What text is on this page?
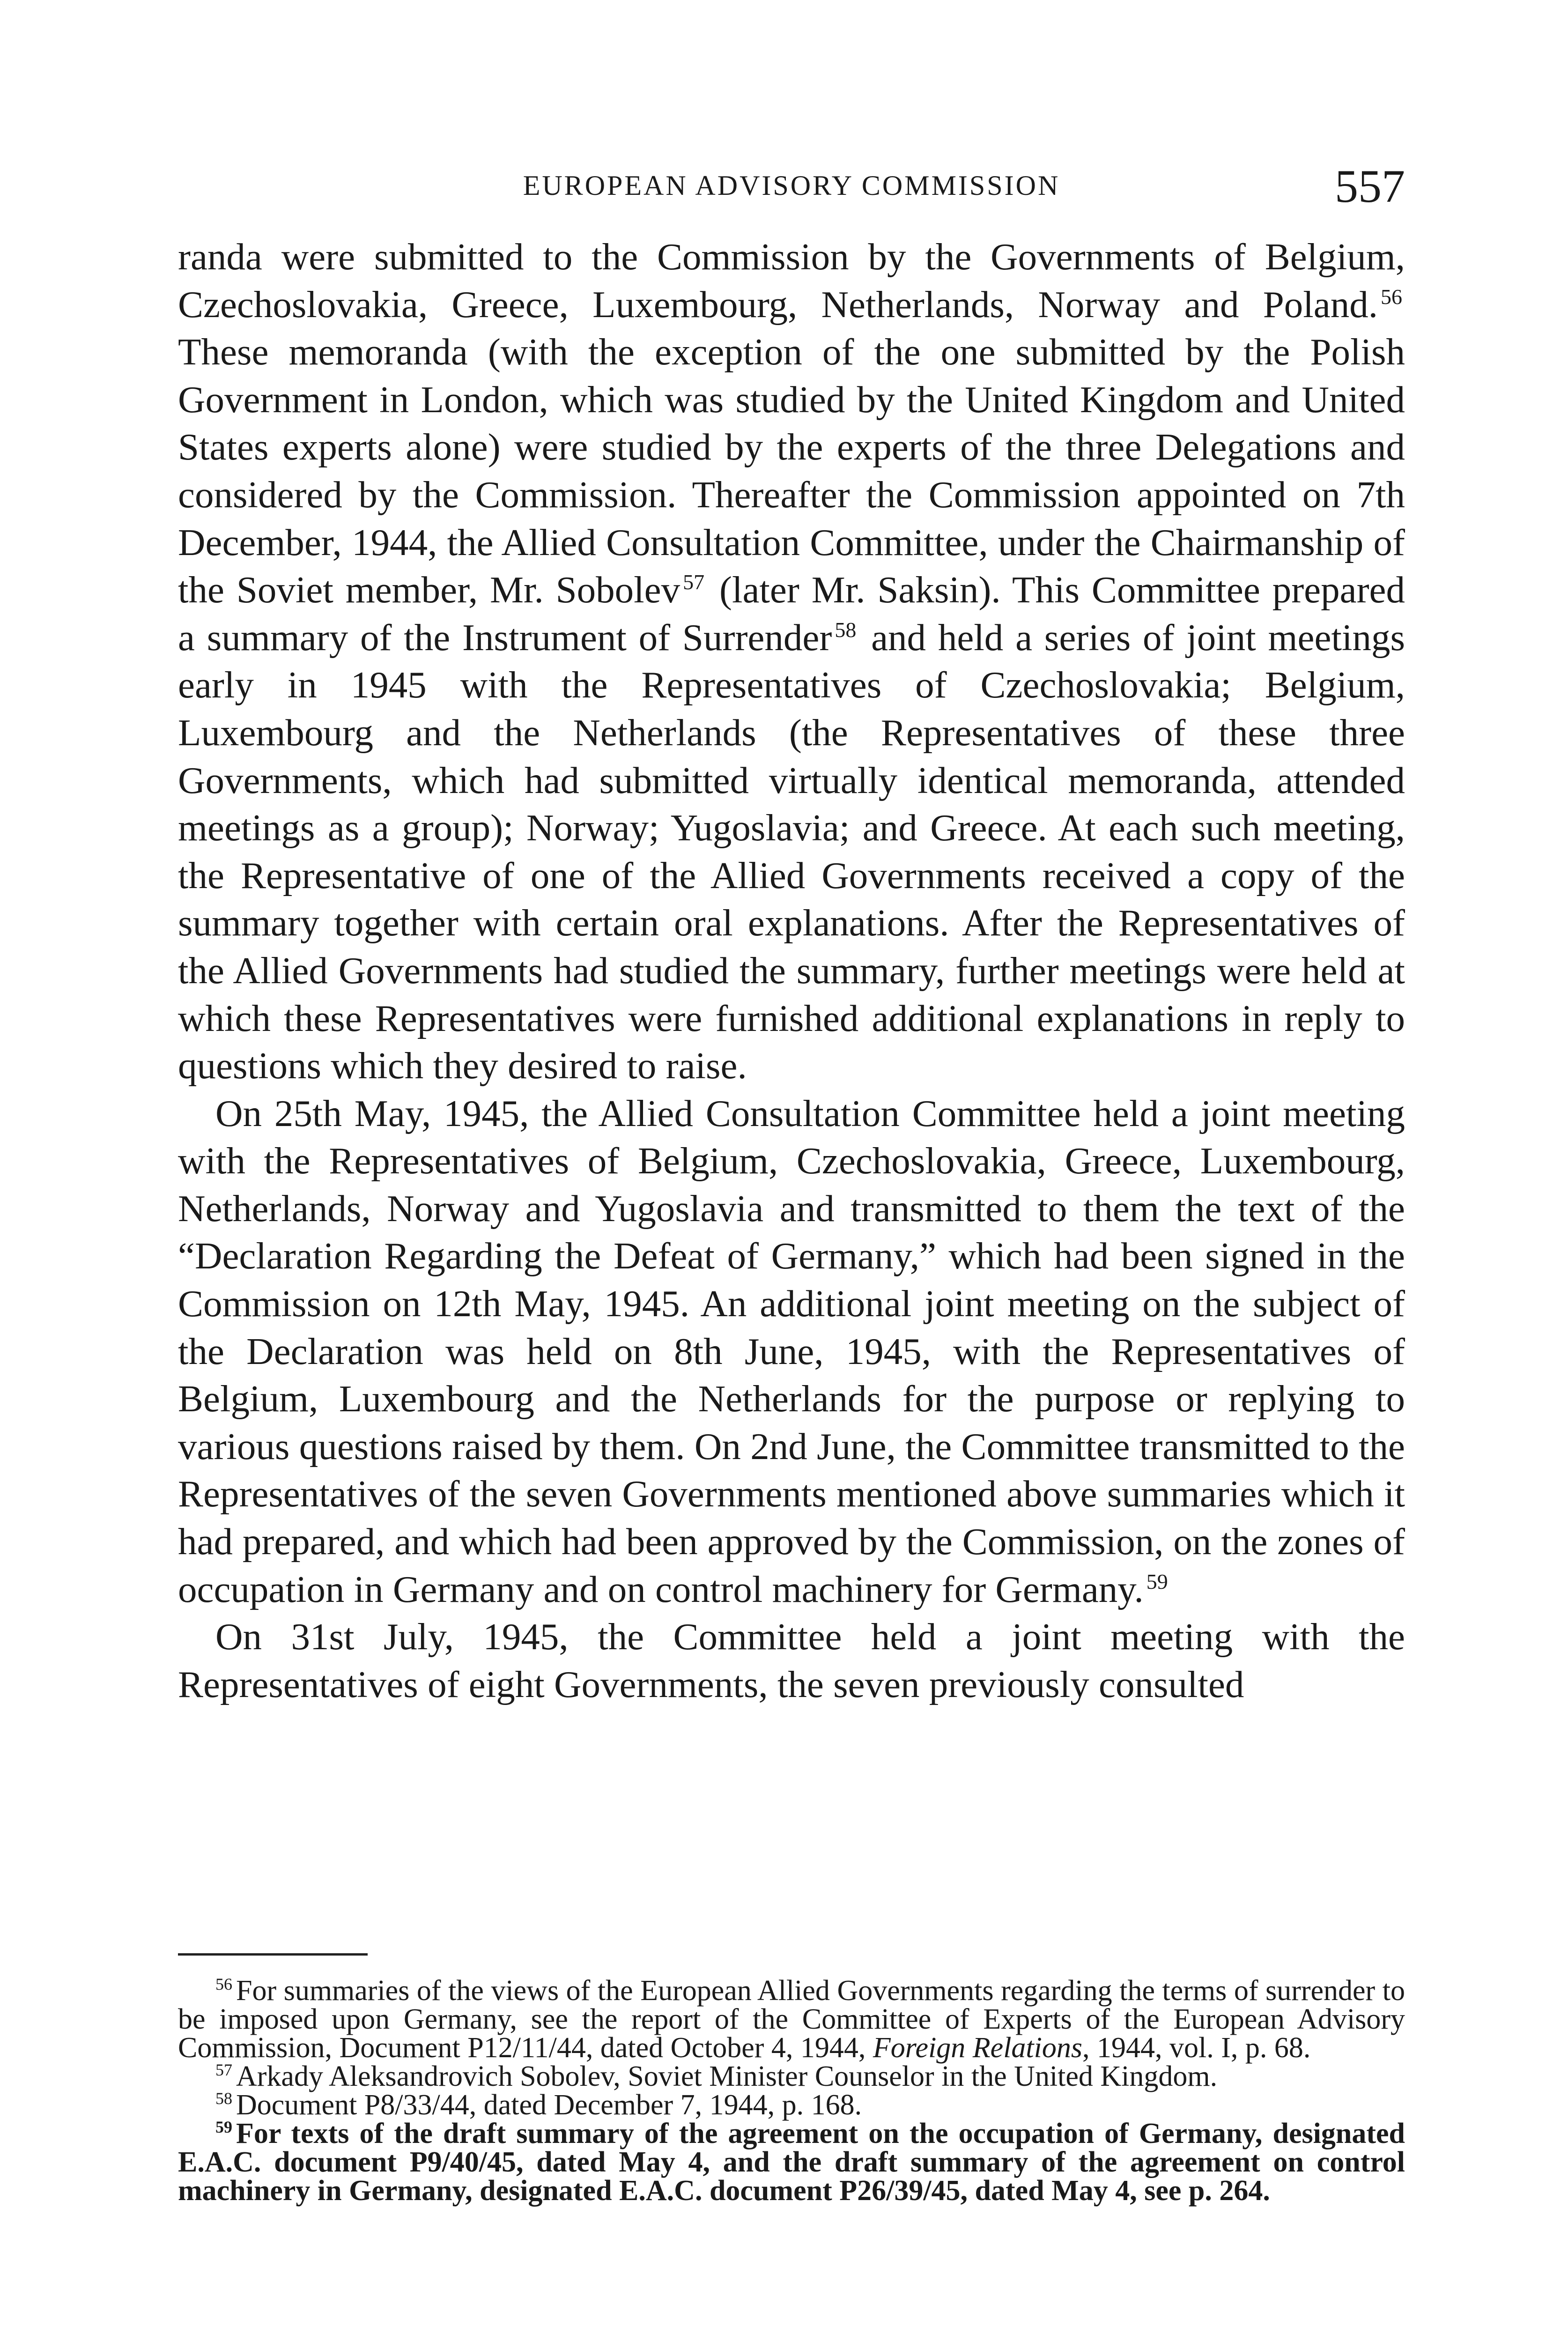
EUROPEAN ADVISORY COMMISSION	557

randa were submitted to the Commission by the Governments of Belgium, Czechoslovakia, Greece, Luxembourg, Netherlands, Norway and Poland. $^{56}$ These memoranda (with the exception of the one submitted by the Polish Government in London, which was studied by the United Kingdom and United States experts alone) were studied by the experts of the three Delegations and considered by the Commission. Thereafter the Commission appointed on 7th December, 1944, the Allied Consultation Committee, under the Chairmanship of the Soviet member, Mr. Sobolev $^{57}$ (later Mr. Saksin). This Committee prepared a summary of the Instrument of Surrender $^{58}$ and held a series of joint meetings early in 1945 with the Representatives of Czechoslovakia; Belgium, Luxembourg and the Netherlands (the Representatives of these three Governments, which had submitted virtually identical memoranda, attended meetings as a group); Norway; Yugoslavia; and Greece. At each such meeting, the Representative of one of the Allied Governments received a copy of the summary together with certain oral explanations. After the Representatives of the Allied Governments had studied the summary, further meetings were held at which these Representatives were furnished additional explanations in reply to questions which they desired to raise.

On 25th May, 1945, the Allied Consultation Committee held a joint meeting with the Representatives of Belgium, Czechoslovakia, Greece, Luxembourg, Netherlands, Norway and Yugoslavia and transmitted to them the text of the “Declaration Regarding the Defeat of Germany,” which had been signed in the Commission on 12th May, 1945. An additional joint meeting on the subject of the Declaration was held on 8th June, 1945, with the Representatives of Belgium, Luxembourg and the Netherlands for the purpose or replying to various questions raised by them. On 2nd June, the Committee transmitted to the Representatives of the seven Governments mentioned above summaries which it had prepared, and which had been approved by the Commission, on the zones of occupation in Germany and on control machinery for Germany. $^{59}$

On 31st July, 1945, the Committee held a joint meeting with the Representatives of eight Governments, the seven previously consulted

$^{56}$ For summaries of the views of the European Allied Governments regarding the terms of surrender to be imposed upon Germany, see the report of the Committee of Experts of the European Advisory Commission, Document P12/11/44, dated October 4, 1944, Foreign Relations, 1944, vol. I, p. 68.

$^{57}$ Arkady Aleksandrovich Sobolev, Soviet Minister Counselor in the United Kingdom.

$^{58}$ Document P8/33/44, dated December 7, 1944, p. 168.

$^{59}$ For texts of the draft summary of the agreement on the occupation of Germany, designated E.A.C. document P9/40/45, dated May 4, and the draft summary of the agreement on control machinery in Germany, designated E.A.C. document P26/39/45, dated May 4, see p. 264.
